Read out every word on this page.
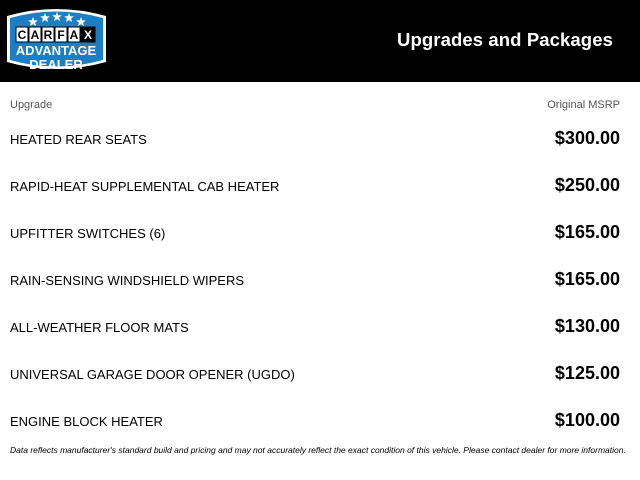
C A R F A X
ADVANTAGE
DEALER
Upgrades and Packages
Upgrade	Original MSRP
HEATED REAR SEATS	$300.00
RAPID-HEAT SUPPLEMENTAL CAB HEATER	$250.00
UPFITTER SWITCHES (6)	$165.00
RAIN-SENSING WINDSHIELD WIPERS	$165.00
ALL-WEATHER FLOOR MATS	$130.00
UNIVERSAL GARAGE DOOR OPENER (UGDO)	$125.00
ENGINE BLOCK HEATER	$100.00
Data reflects manufacturer's standard build and pricing and may not accurately reflect the exact condition of this vehicle. Please contact dealer for more information.
